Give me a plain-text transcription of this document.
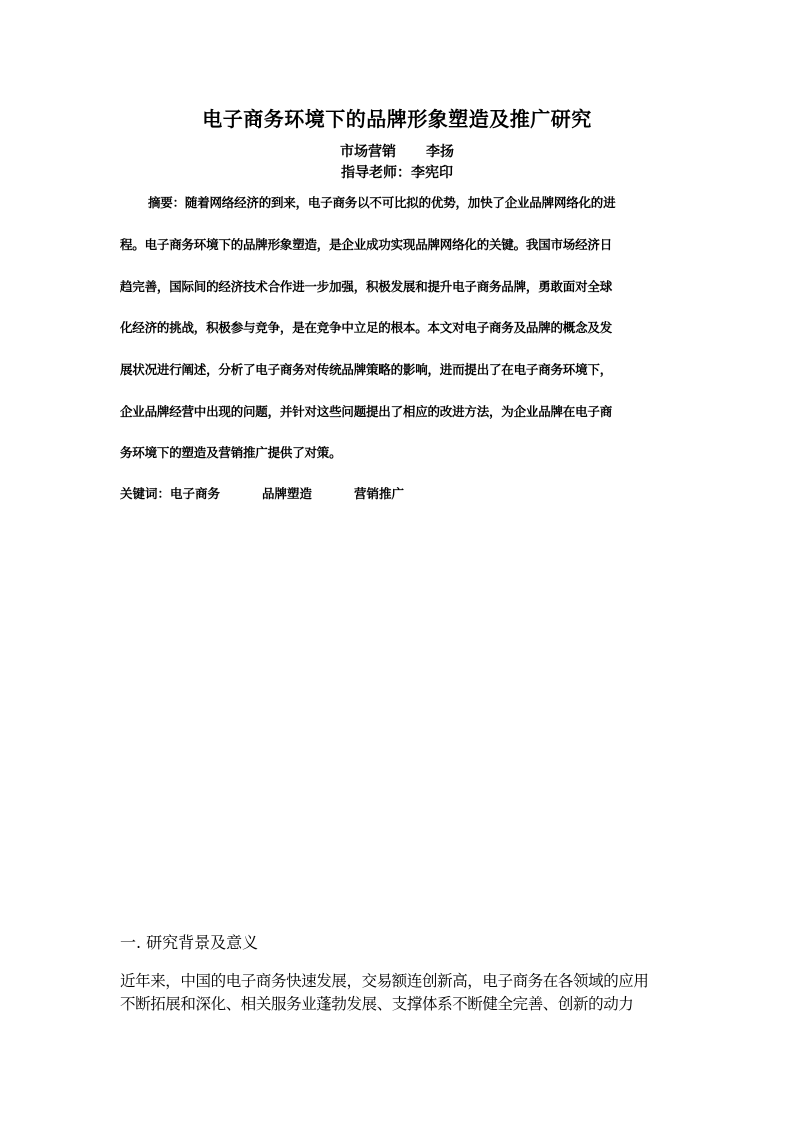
电子商务环境下的品牌形象塑造及推广研究
市场营销 李扬
指导老师：李宪印
摘要：随着网络经济的到来，电子商务以不可比拟的优势，加快了企业品牌网络化的进
程。电子商务环境下的品牌形象塑造，是企业成功实现品牌网络化的关键。我国市场经济日
趋完善，国际间的经济技术合作进一步加强，积极发展和提升电子商务品牌，勇敢面对全球
化经济的挑战，积极参与竞争，是在竞争中立足的根本。本文对电子商务及品牌的概念及发
展状况进行阐述，分析了电子商务对传统品牌策略的影响，进而提出了在电子商务环境下，
企业品牌经营中出现的问题，并针对这些问题提出了相应的改进方法，为企业品牌在电子商
务环境下的塑造及营销推广提供了对策。
关键词：电子商务	品牌塑造	营销推广
一. 研究背景及意义
近年来，中国的电子商务快速发展，交易额连创新高，电子商务在各领域的应用
不断拓展和深化、相关服务业蓬勃发展、支撑体系不断健全完善、创新的动力
